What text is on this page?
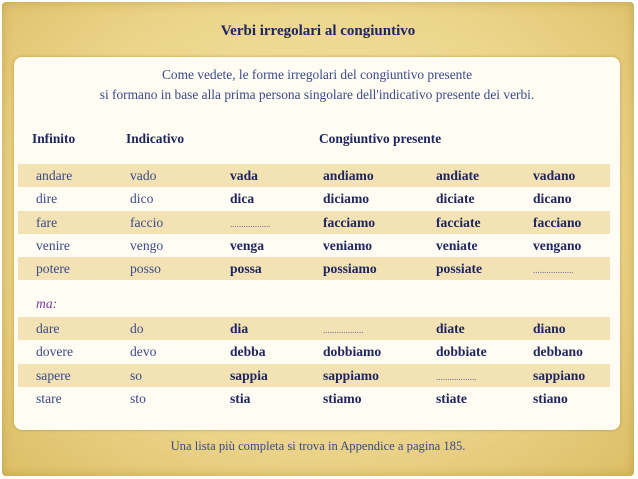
Verbi irregolari al congiuntivo
Come vedete, le forme irregolari del congiuntivo presente
si formano in base alla prima persona singolare dell'indicativo presente dei verbi.
Infinito	Indicativo	Congiuntivo presente
andare	vado	vada	andiamo	andiate	vadano
dire	dico	dica	diciamo	diciate	dicano
fare	faccio	..................	facciamo	facciate	facciano
venire	vengo	venga	veniamo	veniate	vengano
potere	posso	possa	possiamo	possiate	..................
dare	do	dia	..................	diate	diano
dovere	devo	debba	dobbiamo	dobbiate	debbano
sapere	so	sappia	sappiamo	..................	sappiano
stare	sto	stia	stiamo	stiate	stiano
ma:
Una lista più completa si trova in Appendice a pagina 185.
